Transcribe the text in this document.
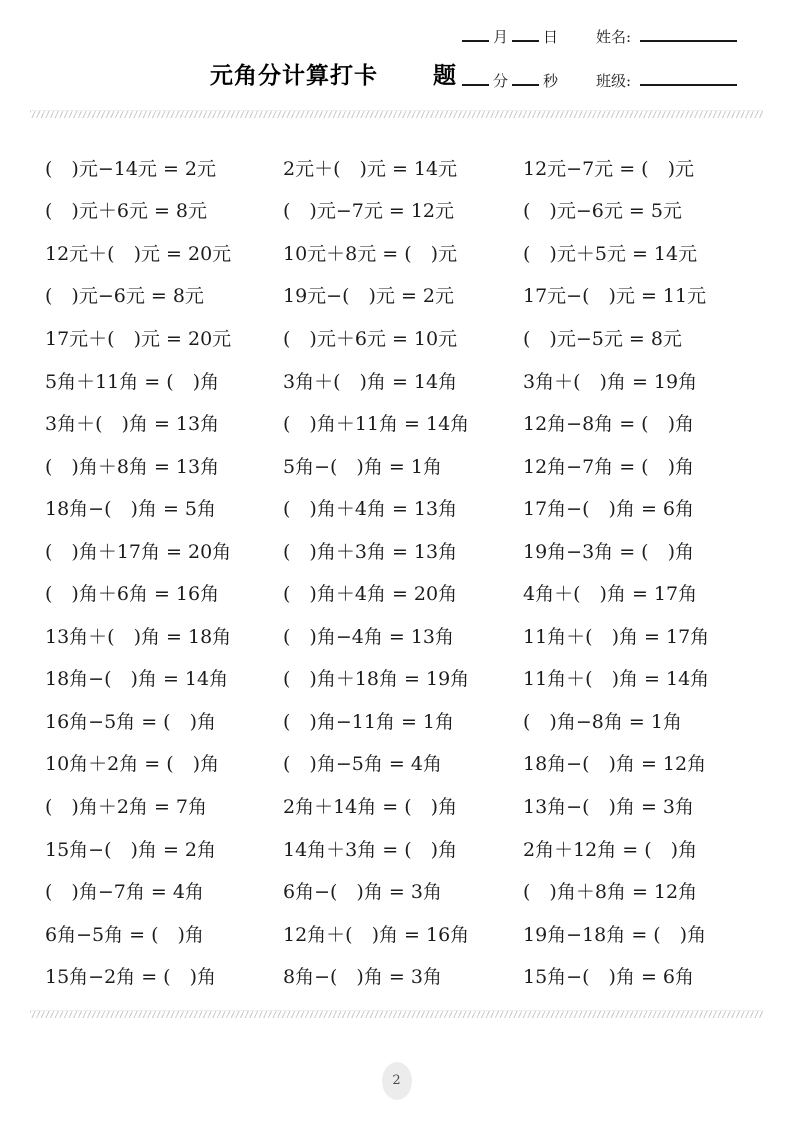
元角分计算打卡 题
月 日	姓名:
分 秒	班级:
(　)元−14元 = 2元
(　)元＋6元 = 8元
12元＋(　)元 = 20元
(　)元−6元 = 8元
17元＋(　)元 = 20元
5角＋11角 = (　)角
3角＋(　)角 = 13角
(　)角＋8角 = 13角
18角−(　)角 = 5角
(　)角＋17角 = 20角
(　)角＋6角 = 16角
13角＋(　)角 = 18角
18角−(　)角 = 14角
16角−5角 = (　)角
10角＋2角 = (　)角
(　)角＋2角 = 7角
15角−(　)角 = 2角
(　)角−7角 = 4角
6角−5角 = (　)角
15角−2角 = (　)角
2元＋(　)元 = 14元
(　)元−7元 = 12元
10元＋8元 = (　)元
19元−(　)元 = 2元
(　)元＋6元 = 10元
3角＋(　)角 = 14角
(　)角＋11角 = 14角
5角−(　)角 = 1角
(　)角＋4角 = 13角
(　)角＋3角 = 13角
(　)角＋4角 = 20角
(　)角−4角 = 13角
(　)角＋18角 = 19角
(　)角−11角 = 1角
(　)角−5角 = 4角
2角＋14角 = (　)角
14角＋3角 = (　)角
6角−(　)角 = 3角
12角＋(　)角 = 16角
8角−(　)角 = 3角
12元−7元 = (　)元
(　)元−6元 = 5元
(　)元＋5元 = 14元
17元−(　)元 = 11元
(　)元−5元 = 8元
3角＋(　)角 = 19角
12角−8角 = (　)角
12角−7角 = (　)角
17角−(　)角 = 6角
19角−3角 = (　)角
4角＋(　)角 = 17角
11角＋(　)角 = 17角
11角＋(　)角 = 14角
(　)角−8角 = 1角
18角−(　)角 = 12角
13角−(　)角 = 3角
2角＋12角 = (　)角
(　)角＋8角 = 12角
19角−18角 = (　)角
15角−(　)角 = 6角
2
